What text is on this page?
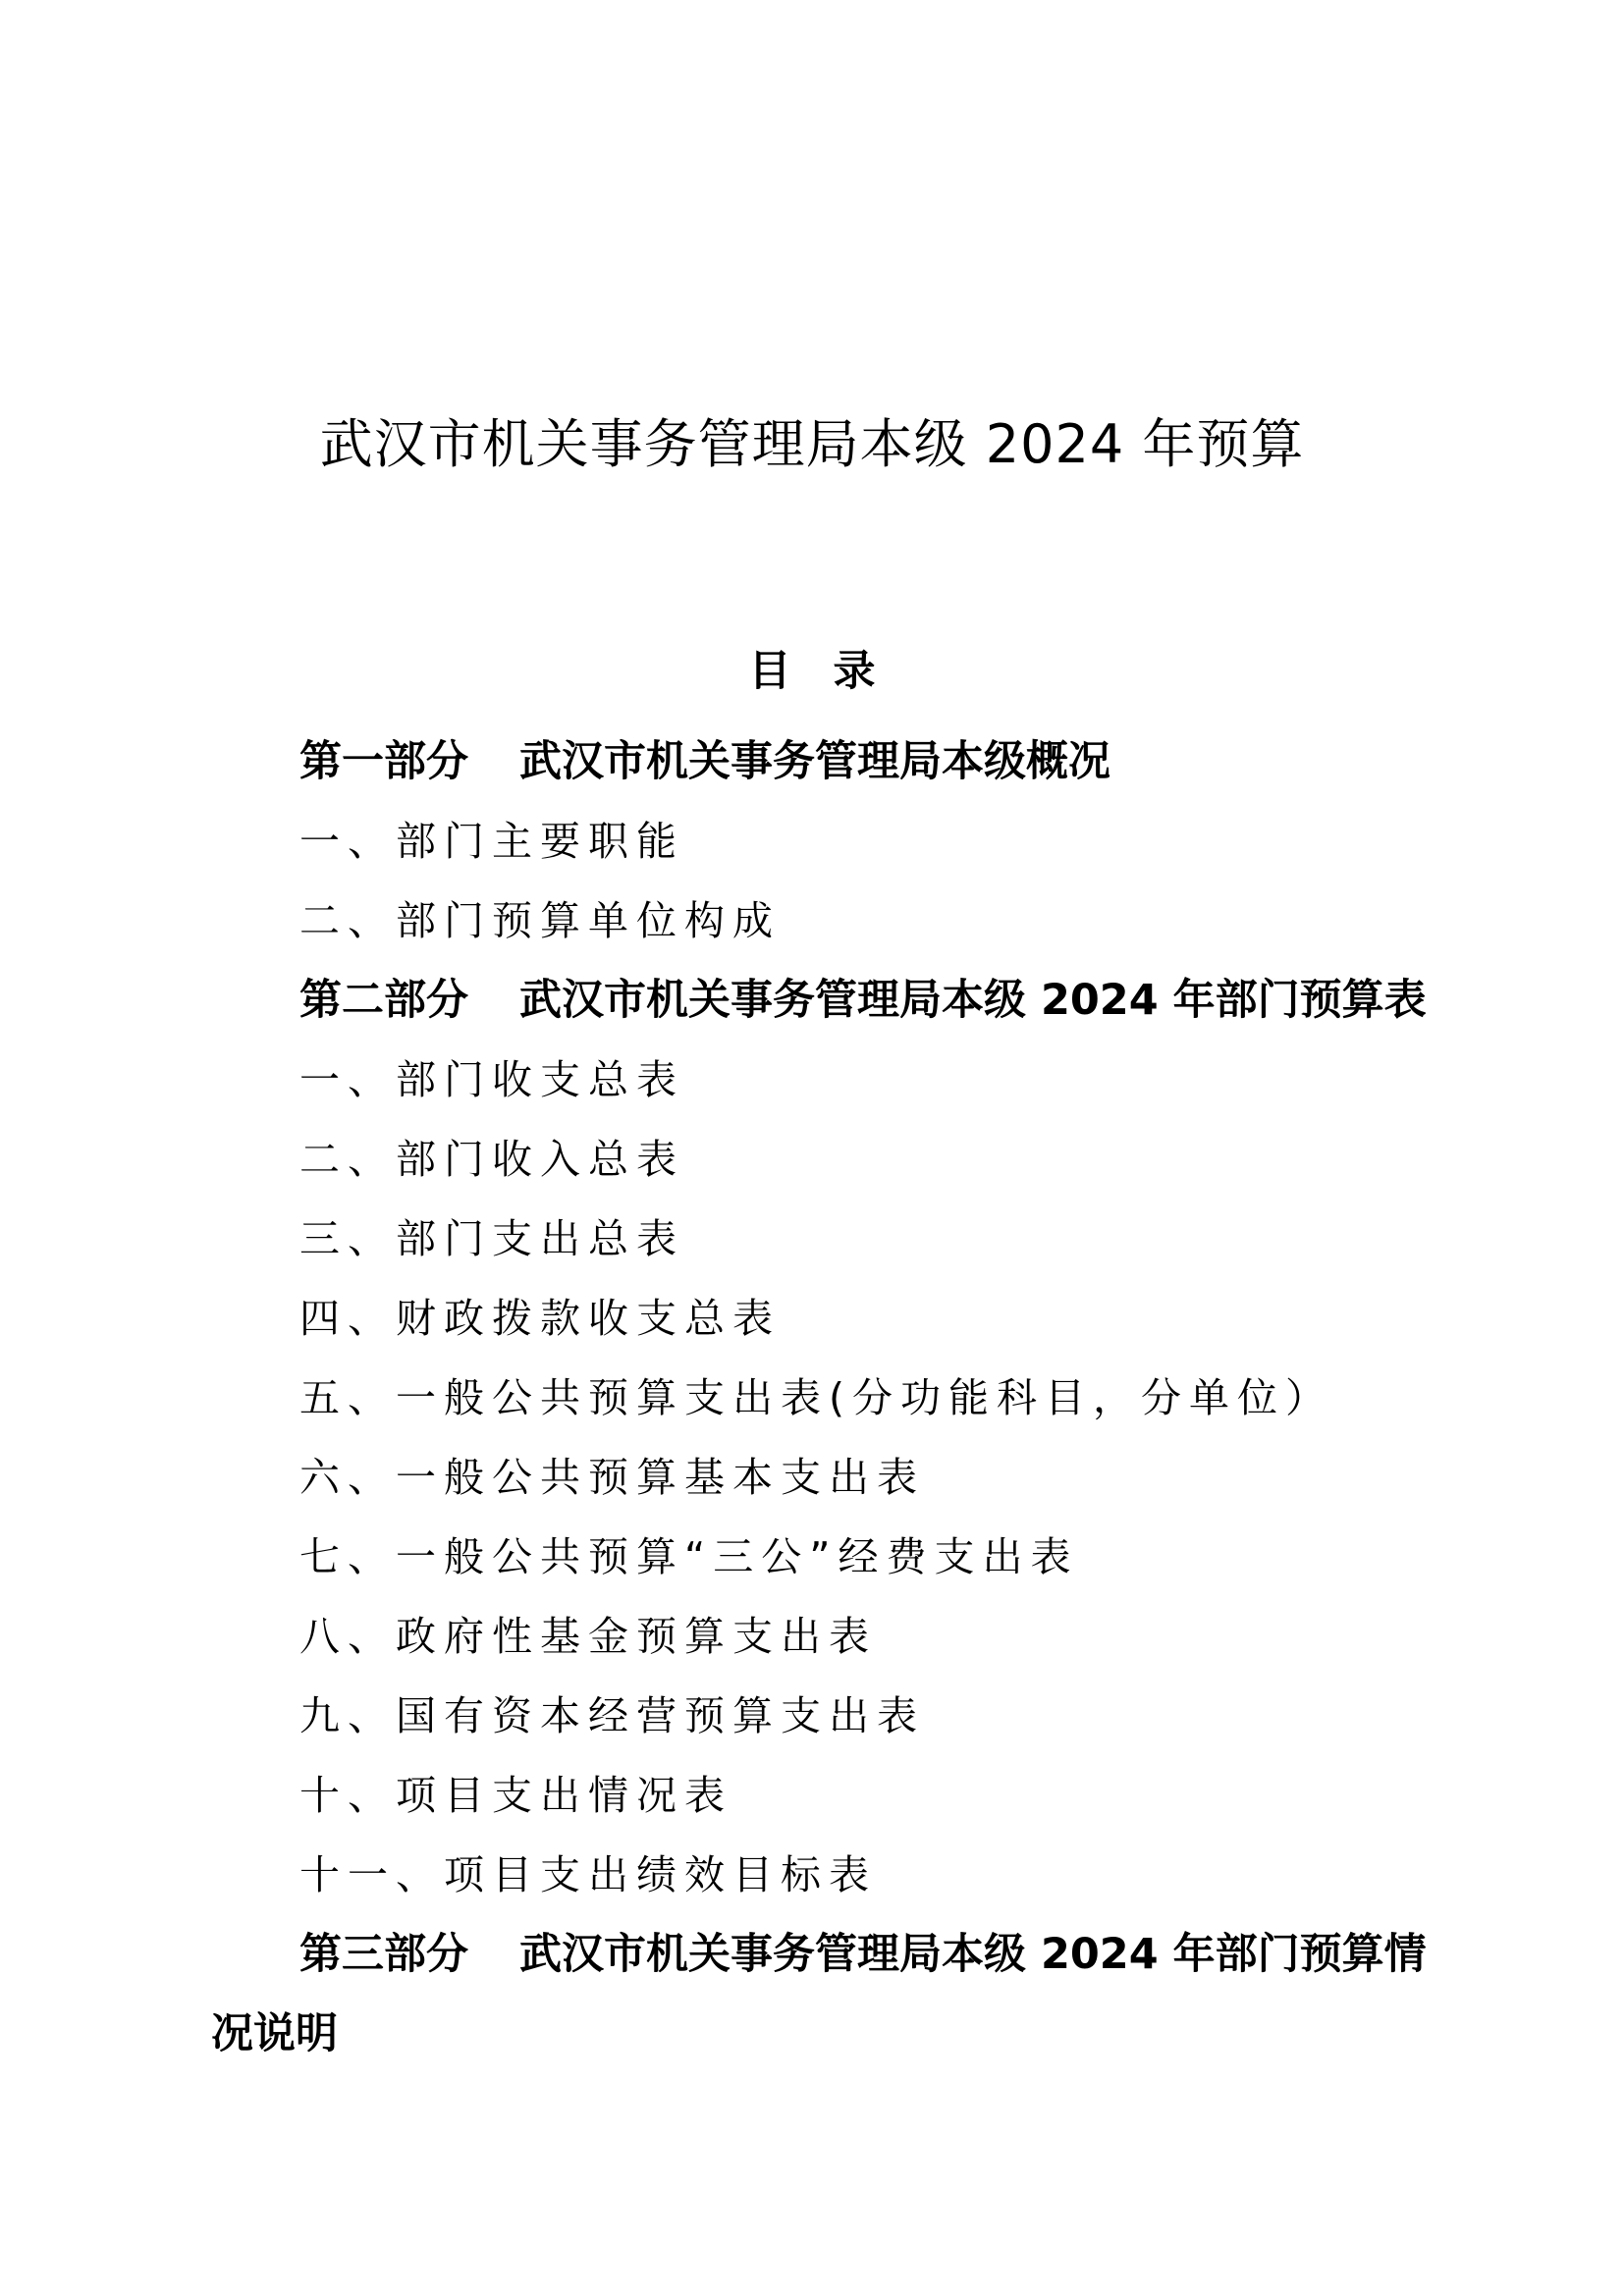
武汉市机关事务管理局本级 2024 年预算
目 录
第一部分 武汉市机关事务管理局本级概况
一、部门主要职能
二、部门预算单位构成
第二部分 武汉市机关事务管理局本级 2024 年部门预算表
一、部门收支总表
二、部门收入总表
三、部门支出总表
四、财政拨款收支总表
五、一般公共预算支出表(分功能科目，分单位）
六、一般公共预算基本支出表
七、一般公共预算“三公”经费支出表
八、政府性基金预算支出表
九、国有资本经营预算支出表
十、项目支出情况表
十一、项目支出绩效目标表
第三部分 武汉市机关事务管理局本级 2024 年部门预算情
况说明
